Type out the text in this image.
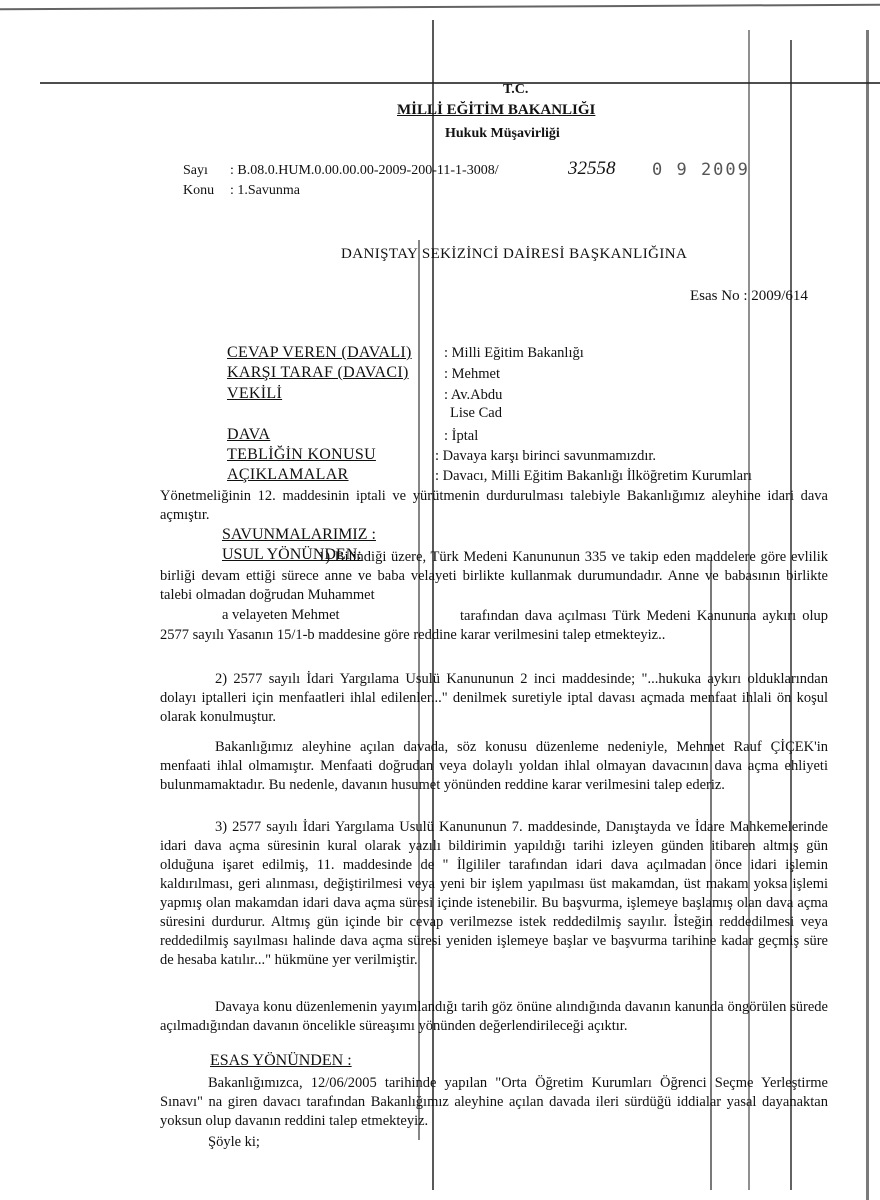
T.C.
MİLLİ EĞİTİM BAKANLIĞI
Hukuk Müşavirliği
Sayı : B.08.0.HUM.0.00.00.00-2009-200-11-1-3008/	32558 0 9 2009
Konu : 1.Savunma
DANIŞTAY SEKİZİNCİ DAİRESİ BAŞKANLIĞINA
Esas No : 2009/614
CEVAP VEREN (DAVALI) : Milli Eğitim Bakanlığı
KARŞI TARAF (DAVACI) : Mehmet
VEKİLİ	: Av.Abdu
Lise Cad
DAVA	: İptal
TEBLİĞİN KONUSU	: Davaya karşı birinci savunmamızdır.
AÇIKLAMALAR	: Davacı, Milli Eğitim Bakanlığı İlköğretim Kurumları
Yönetmeliğinin 12. maddesinin iptali ve yürütmenin durdurulması talebiyle Bakanlığımız aleyhine idari dava açmıştır.
SAVUNMALARIMIZ :
USUL YÖNÜNDEN:
1) Bilindiği üzere, Türk Medeni Kanununun 335 ve takip eden maddelere göre evlilik birliği devam ettiği sürece anne ve baba velayeti birlikte kullanmak durumundadır. Anne ve babasının birlikte talebi olmadan doğrudan Muhammet
a velayeten Mehmet	tarafından dava açılması Türk Medeni Kanununa aykırı olup 2577 sayılı Yasanın 15/1-b maddesine göre reddine karar verilmesini talep etmekteyiz..
2) 2577 sayılı İdari Yargılama Usulü Kanununun 2 inci maddesinde; "...hukuka aykırı olduklarından dolayı iptalleri için menfaatleri ihlal edilenler..." denilmek suretiyle iptal davası açmada menfaat ihlali ön koşul olarak konulmuştur.
Bakanlığımız aleyhine açılan davada, söz konusu düzenleme nedeniyle, Mehmet Rauf ÇİÇEK'in menfaati ihlal olmamıştır. Menfaati doğrudan veya dolaylı yoldan ihlal olmayan davacının dava açma ehliyeti bulunmamaktadır. Bu nedenle, davanın husumet yönünden reddine karar verilmesini talep ederiz.
3) 2577 sayılı İdari Yargılama Usulü Kanununun 7. maddesinde, Danıştayda ve İdare Mahkemelerinde idari dava açma süresinin kural olarak yazılı bildirimin yapıldığı tarihi izleyen günden itibaren altmış gün olduğuna işaret edilmiş, 11. maddesinde de " İlgililer tarafından idari dava açılmadan önce idari işlemin kaldırılması, geri alınması, değiştirilmesi veya yeni bir işlem yapılması üst makamdan, üst makam yoksa işlemi yapmış olan makamdan idari dava açma süresi içinde istenebilir. Bu başvurma, işlemeye başlamış olan dava açma süresini durdurur. Altmış gün içinde bir cevap verilmezse istek reddedilmiş sayılır. İsteğin reddedilmesi veya reddedilmiş sayılması halinde dava açma süresi yeniden işlemeye başlar ve başvurma tarihine kadar geçmiş süre de hesaba katılır..." hükmüne yer verilmiştir.
Davaya konu düzenlemenin yayımlandığı tarih göz önüne alındığında davanın kanunda öngörülen sürede açılmadığından davanın öncelikle süreaşımı yönünden değerlendirileceği açıktır.
ESAS YÖNÜNDEN :
Bakanlığımızca, 12/06/2005 tarihinde yapılan "Orta Öğretim Kurumları Öğrenci Seçme Yerleştirme Sınavı" na giren davacı tarafından Bakanlığımız aleyhine açılan davada ileri sürdüğü iddialar yasal dayanaktan yoksun olup davanın reddini talep etmekteyiz.
Şöyle ki;
